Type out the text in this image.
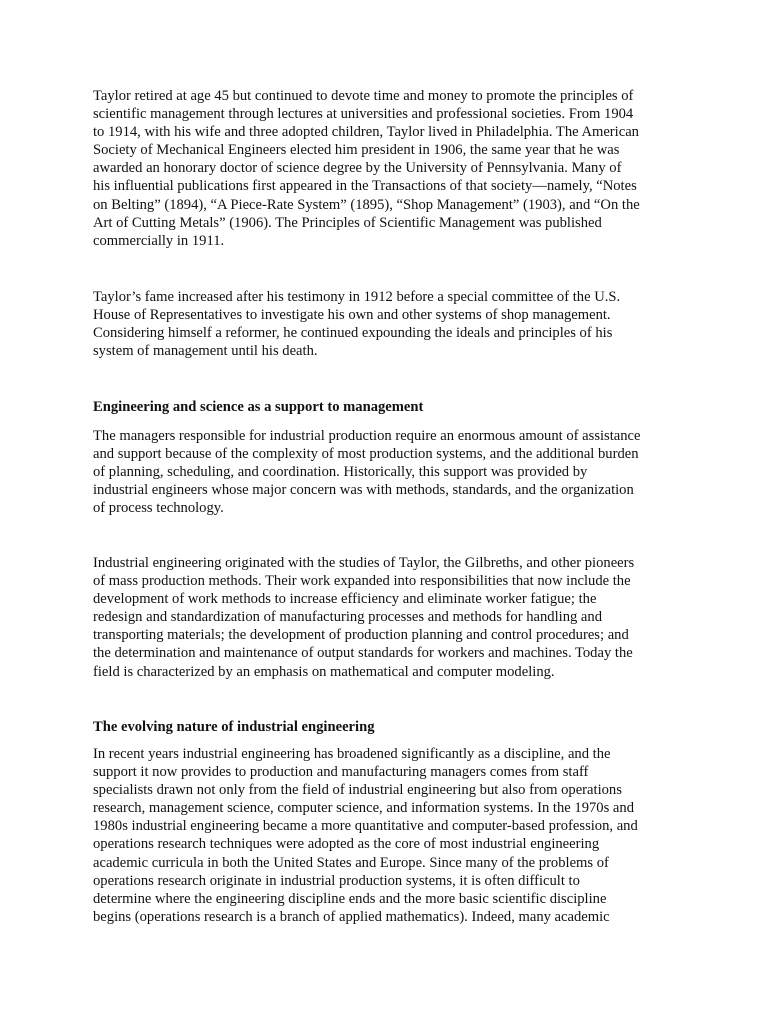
Taylor retired at age 45 but continued to devote time and money to promote the principles of
scientific management through lectures at universities and professional societies. From 1904
to 1914, with his wife and three adopted children, Taylor lived in Philadelphia. The American
Society of Mechanical Engineers elected him president in 1906, the same year that he was
awarded an honorary doctor of science degree by the University of Pennsylvania. Many of
his influential publications first appeared in the Transactions of that society—namely, “Notes
on Belting” (1894), “A Piece-Rate System” (1895), “Shop Management” (1903), and “On the
Art of Cutting Metals” (1906). The Principles of Scientific Management was published
commercially in 1911.

Taylor’s fame increased after his testimony in 1912 before a special committee of the U.S.
House of Representatives to investigate his own and other systems of shop management.
Considering himself a reformer, he continued expounding the ideals and principles of his
system of management until his death.

Engineering and science as a support to management

The managers responsible for industrial production require an enormous amount of assistance
and support because of the complexity of most production systems, and the additional burden
of planning, scheduling, and coordination. Historically, this support was provided by
industrial engineers whose major concern was with methods, standards, and the organization
of process technology.

Industrial engineering originated with the studies of Taylor, the Gilbreths, and other pioneers
of mass production methods. Their work expanded into responsibilities that now include the
development of work methods to increase efficiency and eliminate worker fatigue; the
redesign and standardization of manufacturing processes and methods for handling and
transporting materials; the development of production planning and control procedures; and
the determination and maintenance of output standards for workers and machines. Today the
field is characterized by an emphasis on mathematical and computer modeling.

The evolving nature of industrial engineering

In recent years industrial engineering has broadened significantly as a discipline, and the
support it now provides to production and manufacturing managers comes from staff
specialists drawn not only from the field of industrial engineering but also from operations
research, management science, computer science, and information systems. In the 1970s and
1980s industrial engineering became a more quantitative and computer-based profession, and
operations research techniques were adopted as the core of most industrial engineering
academic curricula in both the United States and Europe. Since many of the problems of
operations research originate in industrial production systems, it is often difficult to
determine where the engineering discipline ends and the more basic scientific discipline
begins (operations research is a branch of applied mathematics). Indeed, many academic
